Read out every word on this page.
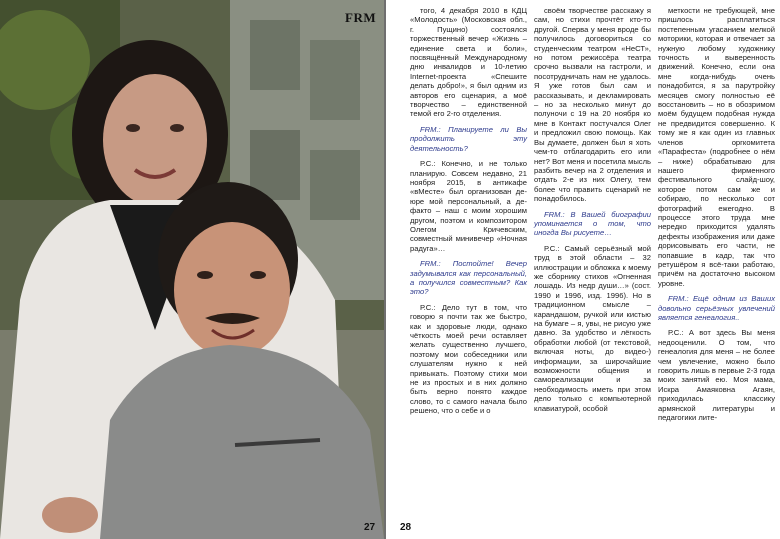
FRM
27

тогo, 4 декабря 2010 в КДЦ «Молодость» (Московская обл., г. Пущино) состоялся торжественный вечер «Жизнь – единение света и боли», посвящённый Международному дню инвалидов и 10-летию Internet-проекта «Спешите делать добро!», я был одним из авторов его сценария, а моё творчество – единственной темой его 2-го отделения.

FRM.: Планируете ли Вы продолжить эту деятельность?

Р.С.: Конечно, и не только планирую. Совсем недавно, 21 ноября 2015, в антикафе «вМесте» был организован де-юре мой персональный, а де-факто – наш с моим хорошим другом, поэтом и композитором Олегом Кричевским, совместный минивечер «Ночная радуга»…

FRM.: Постойте! Вечер задумывался как персональный, а получился совместным? Как это?

Р.С.: Дело тут в том, что говорю я почти так же быстро, как и здоровые люди, однако чёткость моей речи оставляет желать существенно лучшего, поэтому мои собеседники или слушателям нужно к ней привыкать. Поэтому стихи мои не из простых и в них должно быть верно понято каждое слово, то с самого начала было решено, что о себе и о

своём творчестве расскажу я сам, но стихи прочтёт кто-то другой. Сперва у меня вроде бы получилось договориться со студенческим театром «НеСТ», но потом режиссёра театра срочно вызвали на гастроли, и посотрудничать нам не удалось. Я уже готов был сам и рассказывать, и декламировать – но за несколько минут до полуночи с 19 на 20 ноября ко мне в Контакт постучался Олег и предложил свою помощь. Как Вы думаете, должен был я хоть чем-то отблагодарить его или нет? Вот меня и посетила мысль разбить вечер на 2 отделения и отдать 2-е из них Олегу, тем более что править сценарий не понадобилось.

FRM.: В Вашей биографии упоминается о том, что иногда Вы рисуете…

Р.С.: Самый серьёзный мой труд в этой области – 32 иллюстрации и обложка к моему же сборнику стихов «Огненная лошадь. Из недр души…» (сост. 1990 и 1996, изд. 1996). Но в традиционном смысле – карандашом, ручкой или кистью на бумаге – я, увы, не рисую уже давно. За удобство и лёгкость обработки любой (от текстовой, включая ноты, до видео-) информации, за широчайшие возможности общения и самореализации и за необходимость иметь при этом дело только с компьютерной клавиатурой, особой

меткости не требующей, мне пришлось расплатиться постепенным угасанием мелкой моторики, которая и отвечает за нужную любому художнику точность и выверенность движений. Конечно, если она мне когда-нибудь очень понадобится, я за парутройку месяцев смогу полностью её восстановить – но в обозримом моём будущем подобная нужда не предвидится совершенно. К тому же я как один из главных членов оргкомитета «Парафеста» (подробнее о нём – ниже) обрабатываю для нашего фирменного фестивального слайд-шоу, которое потом сам же и собираю, по несколько сот фотографий ежегодно. В процессе этого труда мне нередко приходится удалять дефекты изображения или даже дорисовывать его части, не попавшие в кадр, так что ретушёром я всё-таки работаю, причём на достаточно высоком уровне.

FRM.: Ещё одним из Ваших довольно серьёзных увлечений является генеалогия..

Р.С.: А вот здесь Вы меня недооценили. О том, что генеалогия для меня – не более чем увлечение, можно было говорить лишь в первые 2-3 года моих занятий ею. Моя мама, Искра Амаяковна Агаян, приходилась классику армянской литературы и педагогики лите-

28
